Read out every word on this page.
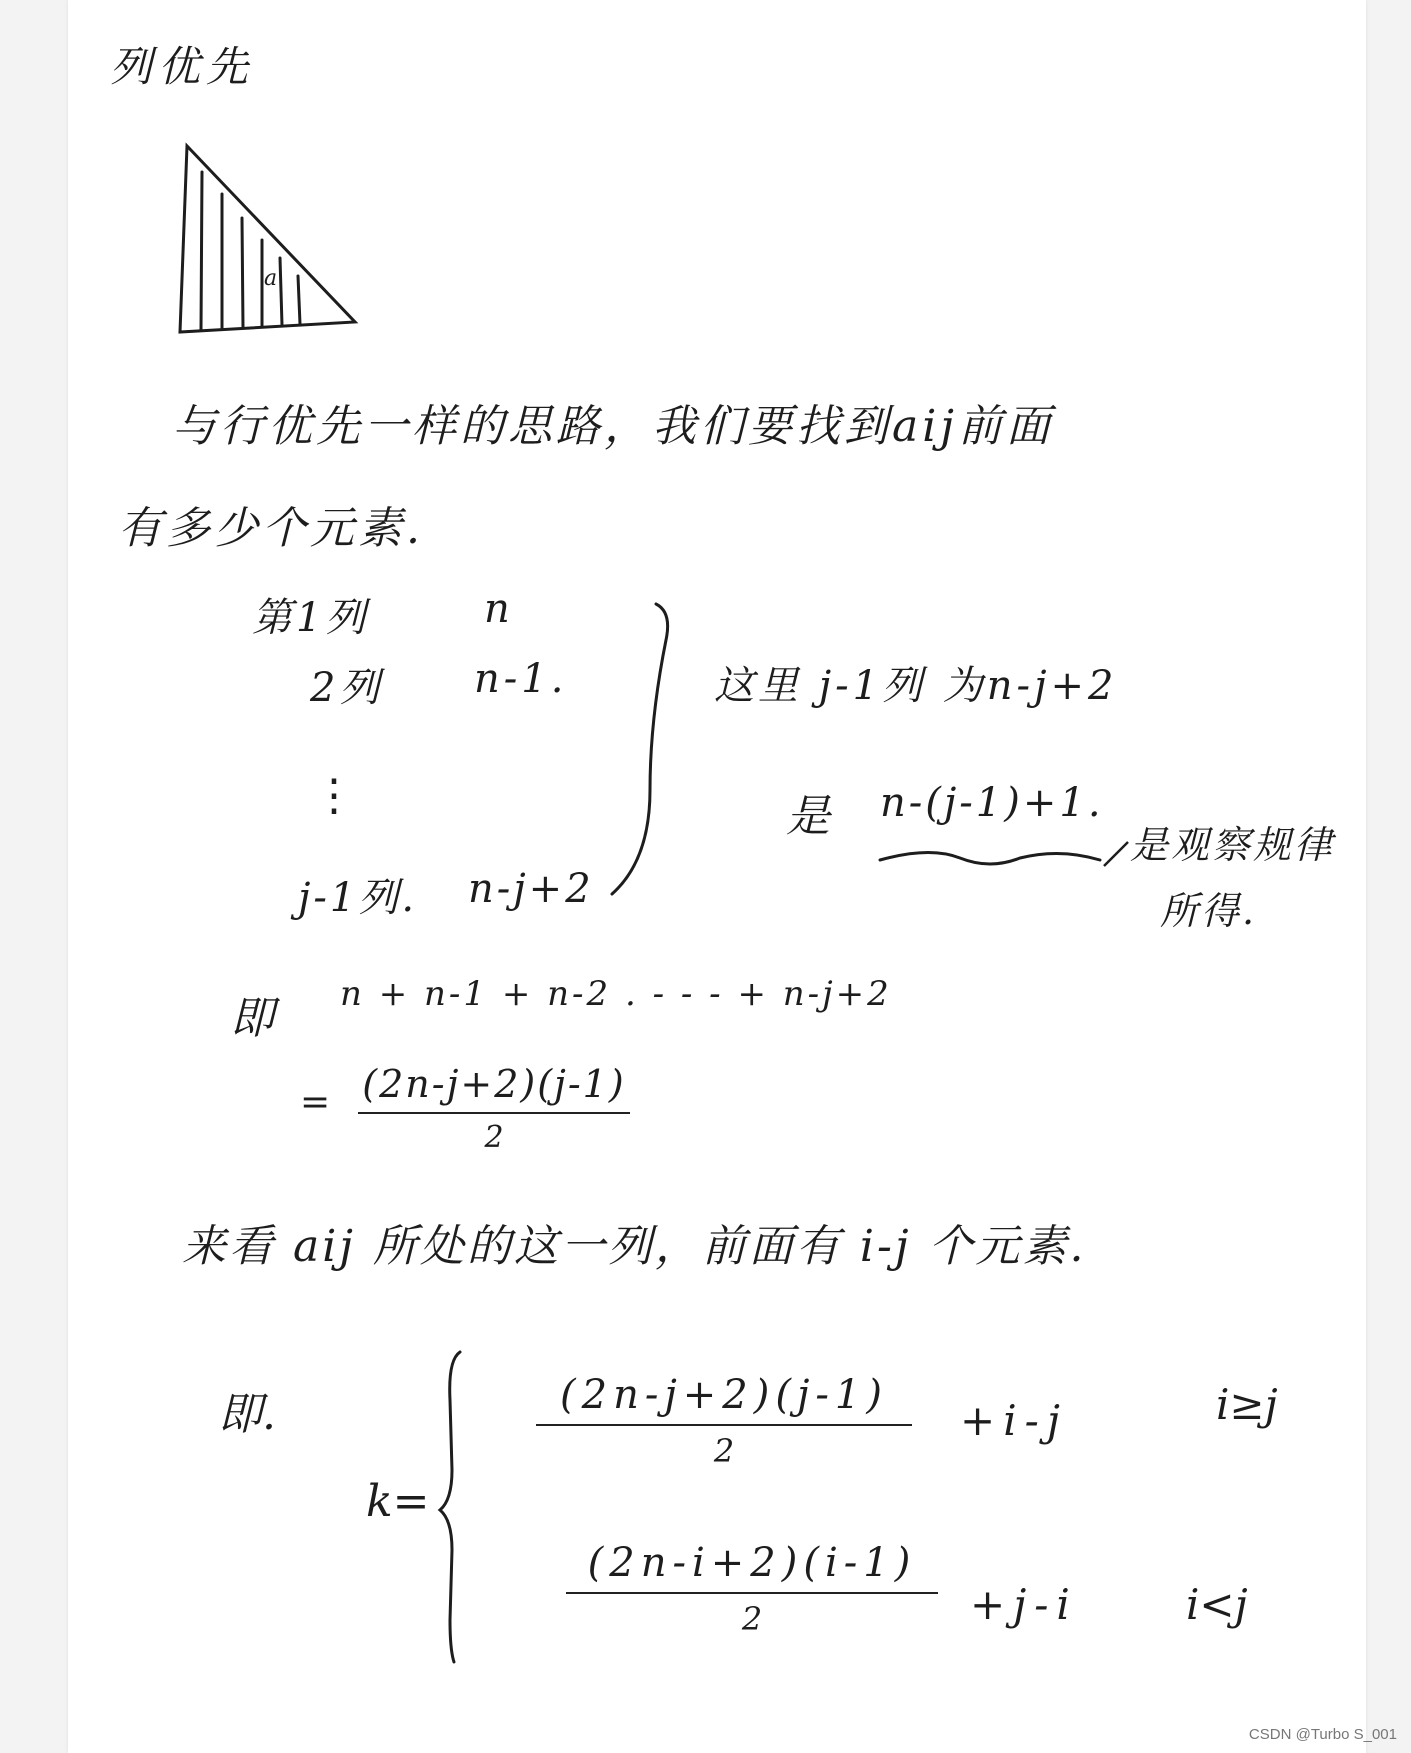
列优先
a
与行优先一样的思路，我们要找到aij前面
有多少个元素.
第1列	n
2列 n-1.
⋮
j-1列. n-j+2
这里 j-1列 为n-j+2
是 n-(j-1)+1.
是观察规律
所得.
即 n + n-1 + n-2 . - - - + n-j+2
= (2n-j+2)(j-1)
2
来看 aij 所处的这一列，前面有 i-j 个元素.
即.
k=
(2n-j+2)(j-1)
2
+i-j	i≥j
(2n-i+2)(i-1)
2	+j-i	i<j
CSDN @Turbo S_001
